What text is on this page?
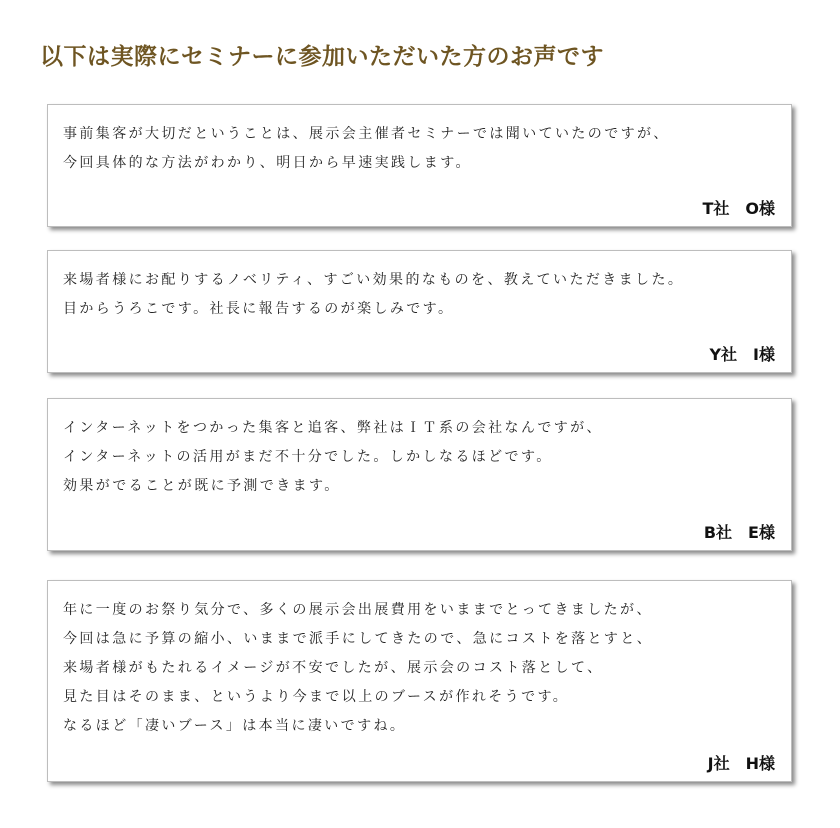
以下は実際にセミナーに参加いただいた方のお声です
事前集客が大切だということは、展示会主催者セミナーでは聞いていたのですが、
今回具体的な方法がわかり、明日から早速実践します。
T社　O様
来場者様にお配りするノベリティ、すごい効果的なものを、教えていただきました。
目からうろこです。社長に報告するのが楽しみです。
Y社　I様
インターネットをつかった集客と追客、弊社はＩＴ系の会社なんですが、
インターネットの活用がまだ不十分でした。しかしなるほどです。
効果がでることが既に予測できます。
B社　E様
年に一度のお祭り気分で、多くの展示会出展費用をいままでとってきましたが、
今回は急に予算の縮小、いままで派手にしてきたので、急にコストを落とすと、
来場者様がもたれるイメージが不安でしたが、展示会のコスト落として、
見た目はそのまま、というより今まで以上のブースが作れそうです。
なるほど「凄いブース」は本当に凄いですね。
J社　H様
